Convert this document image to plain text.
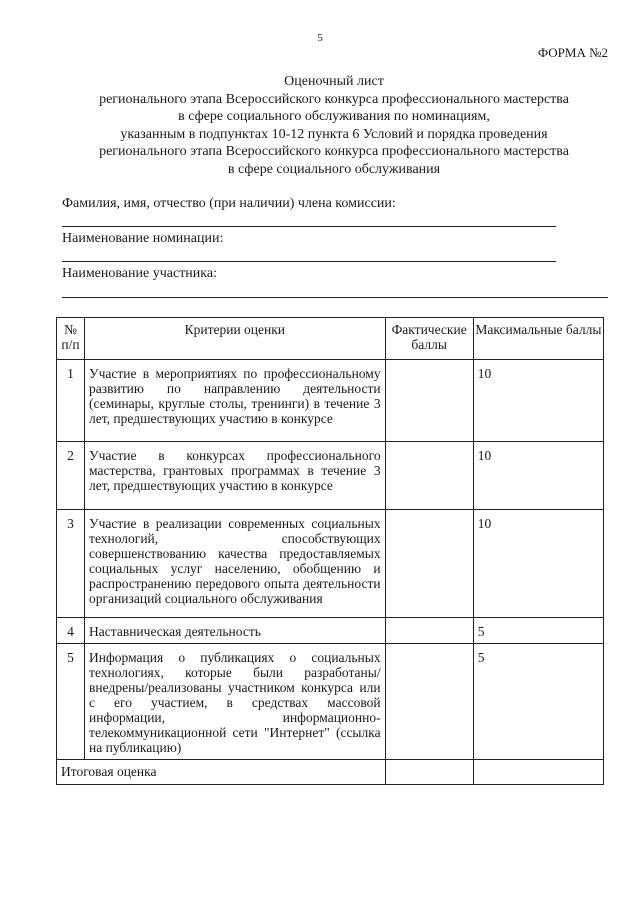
5
ФОРМА №2
Оценочный лист
регионального этапа Всероссийского конкурса профессионального мастерства
в сфере социального обслуживания по номинациям,
указанным в подпунктах 10-12 пункта 6 Условий и порядка проведения
регионального этапа Всероссийского конкурса профессионального мастерства
в сфере социального обслуживания
Фамилия, имя, отчество (при наличии) члена комиссии:
Наименование номинации:
Наименование участника:
№ п/п	Критерии оценки	Фактические баллы	Максимальные баллы
1	Участие в мероприятиях по профессиональному развитию по направлению деятельности (семинары, круглые столы, тренинги) в течение 3 лет, предшествующих участию в конкурсе		10
2	Участие в конкурсах профессионального мастерства, грантовых программах в течение 3 лет, предшествующих участию в конкурсе		10
3	Участие в реализации современных социальных технологий, способствующих совершенствованию качества предоставляемых социальных услуг населению, обобщению и распространению передового опыта деятельности организаций социального обслуживания		10
4	Наставническая деятельность		5
5	Информация о публикациях о социальных технологиях, которые были разработаны/внедрены/реализованы участником конкурса или с его участием, в средствах массовой информации, информационно-телекоммуникационной сети "Интернет" (ссылка на публикацию)		5
Итоговая оценка			
